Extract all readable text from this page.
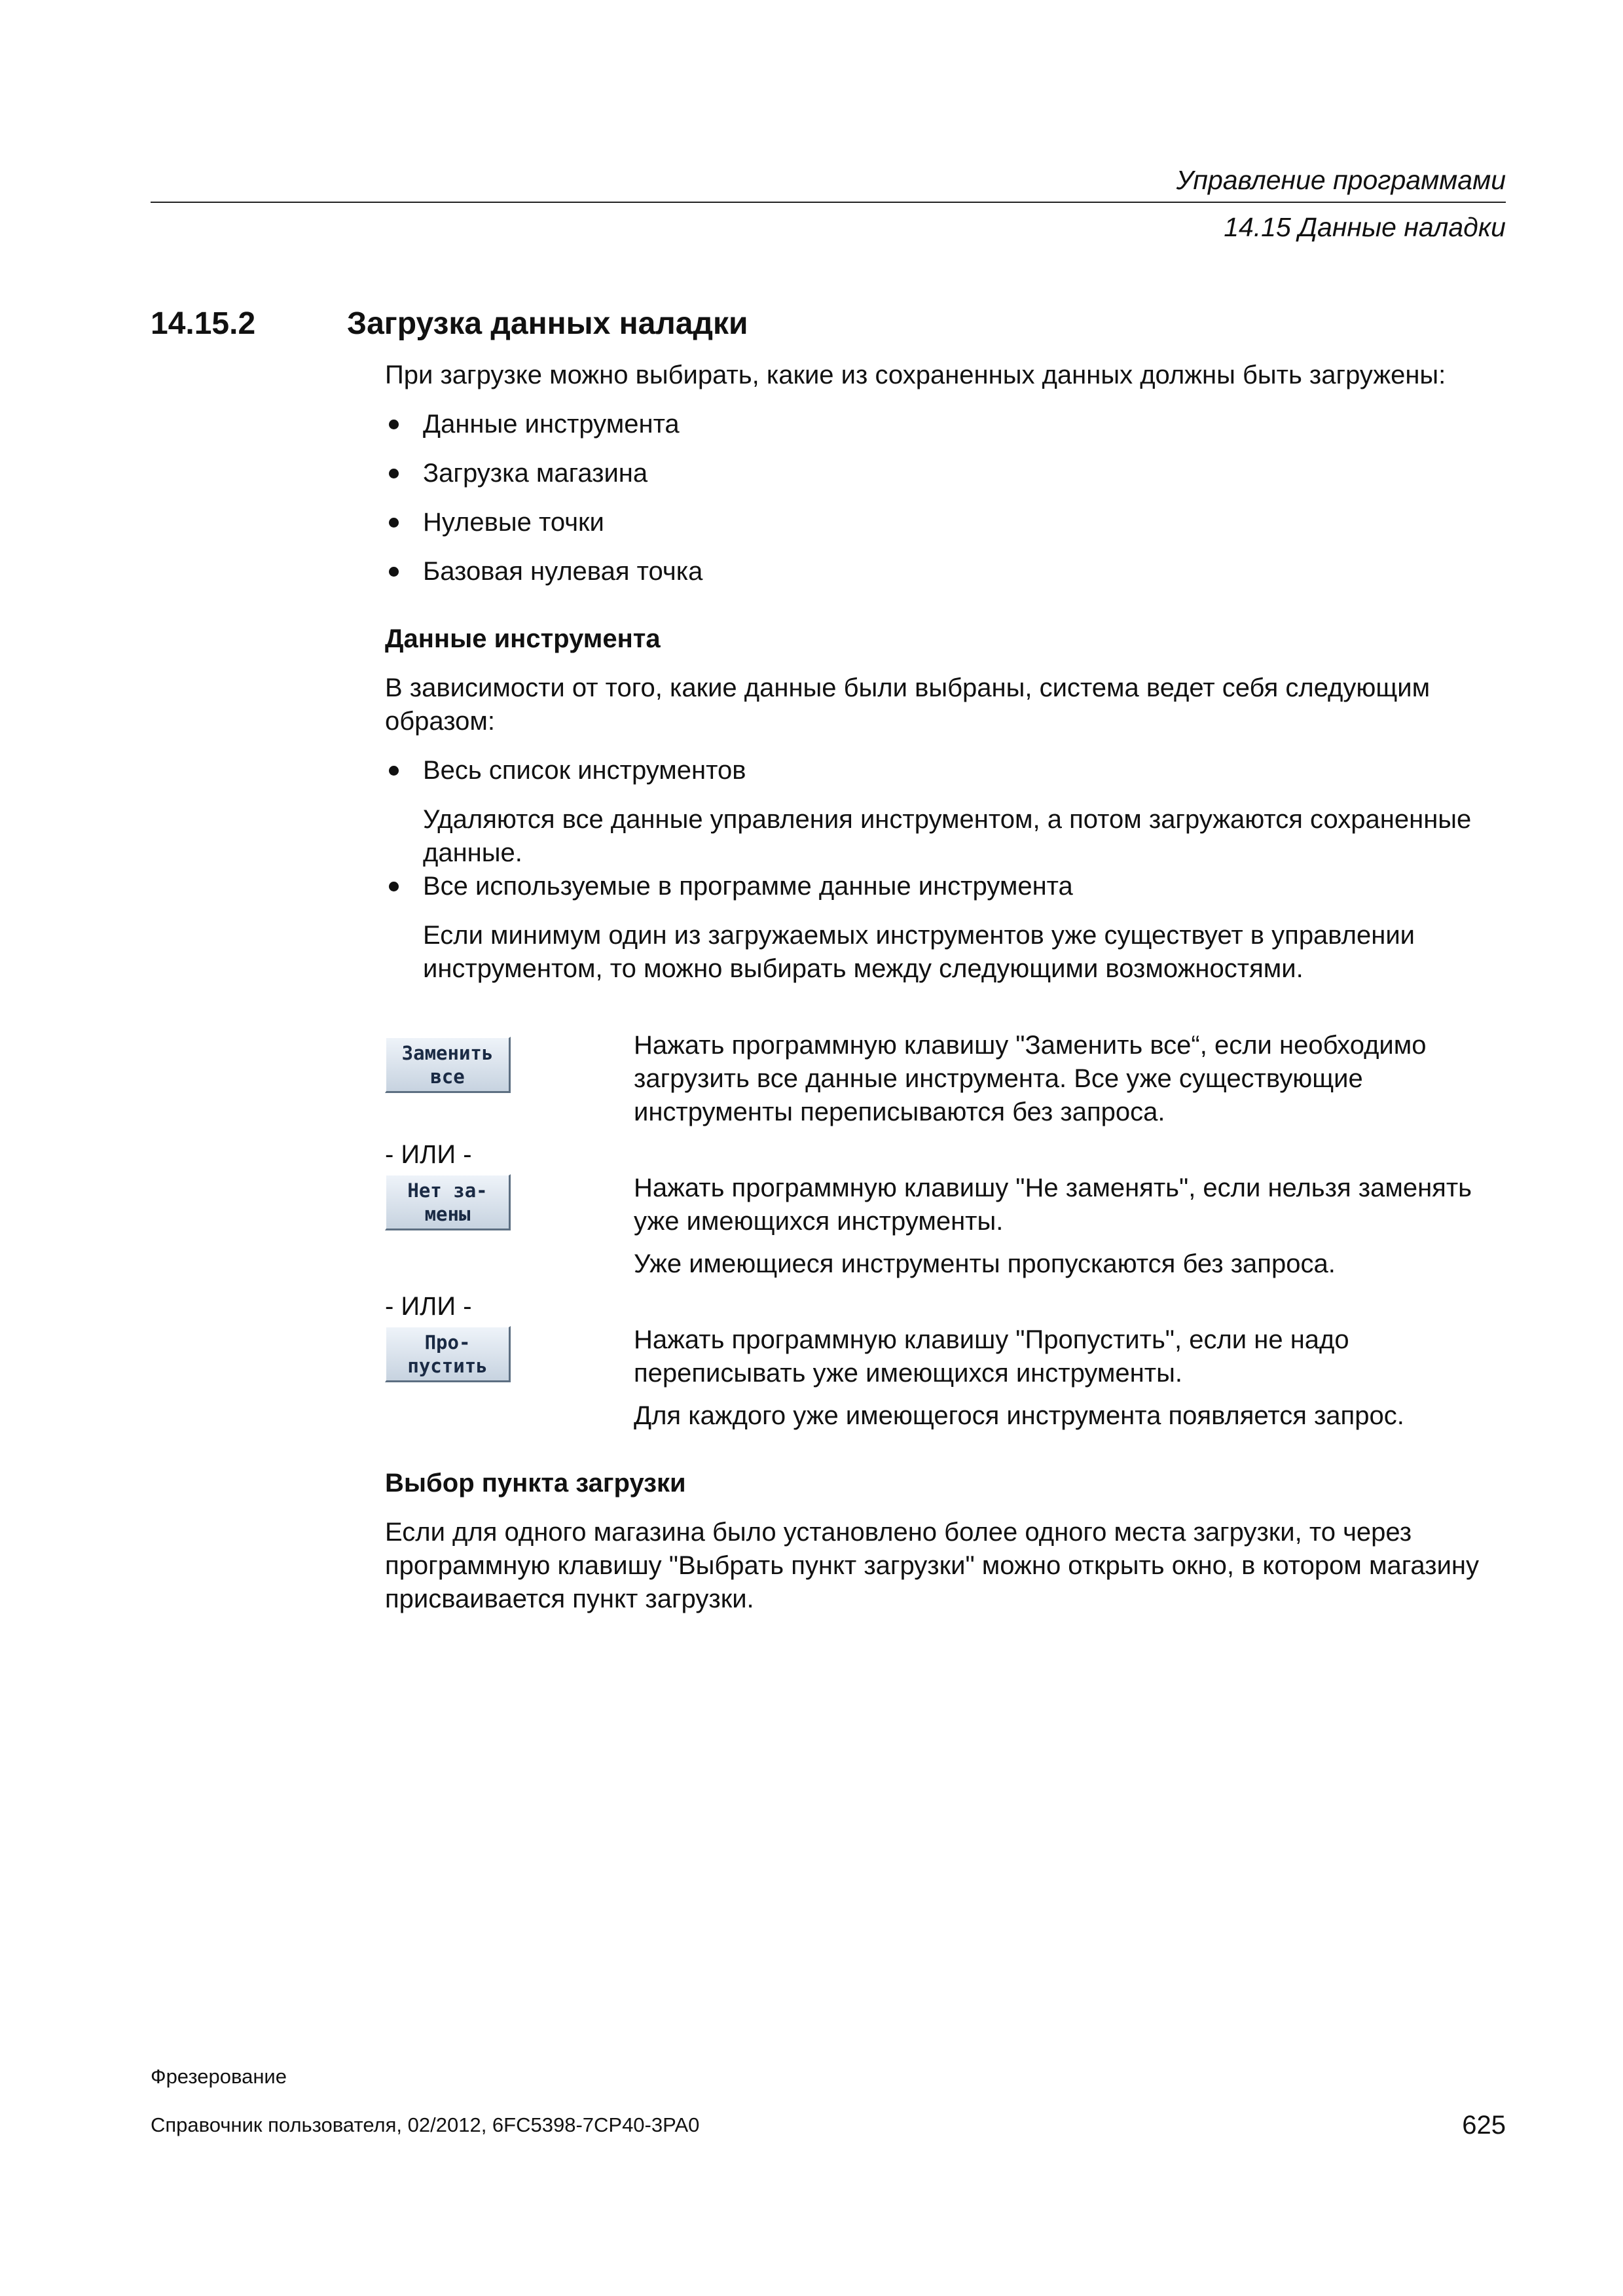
Управление программами
14.15 Данные наладки
14.15.2	Загрузка данных наладки

При загрузке можно выбирать, какие из сохраненных данных должны быть загружены:

Данные инструмента
Загрузка магазина
Нулевые точки
Базовая нулевая точка
Данные инструмента

В зависимости от того, какие данные были выбраны, система ведет себя следующим образом:

Весь список инструментов

Удаляются все данные управления инструментом, а потом загружаются сохраненные данные.

Все используемые в программе данные инструмента

Если минимум один из загружаемых инструментов уже существует в управлении инструментом, то можно выбирать между следующими возможностями.

Заменить
все

Нажать программную клавишу "Заменить все“, если необходимо загрузить все данные инструмента. Все уже существующие инструменты переписываются без запроса.

- ИЛИ -

Нет за-
мены

Нажать программную клавишу "Не заменять", если нельзя заменять уже имеющихся инструменты.

Уже имеющиеся инструменты пропускаются без запроса.

- ИЛИ -

Про-
пустить

Нажать программную клавишу "Пропустить", если не надо переписывать уже имеющихся инструменты.

Для каждого уже имеющегося инструмента появляется запрос.

Выбор пункта загрузки

Если для одного магазина было установлено более одного места загрузки, то через программную клавишу "Выбрать пункт загрузки" можно открыть окно, в котором магазину присваивается пункт загрузки.

Фрезерование
Справочник пользователя, 02/2012, 6FC5398-7CP40-3PA0	625
